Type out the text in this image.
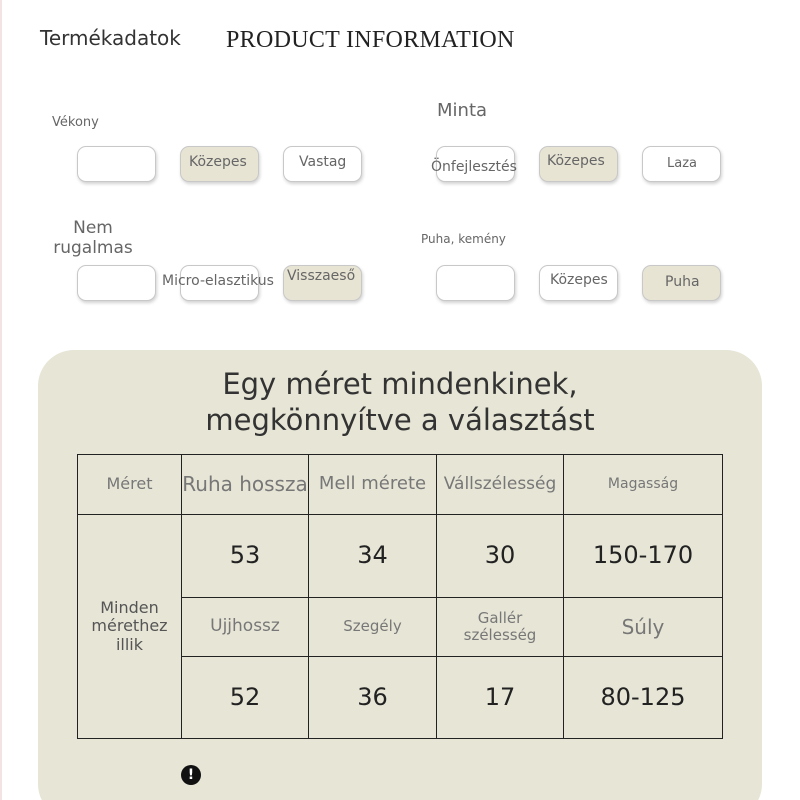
Termékadatok PRODUCT INFORMATION
Vékony
Közepes	Vastag
Minta
Önfejlesztés Közepes	Laza
Nem rugalmas
Micro-elasztikus Visszaeső
Puha, kemény
Közepes	Puha
Egy méret mindenkinek,
megkönnyítve a választást
Méret	Ruha hossza	Mell mérete	Vállszélesség	Magasság
Minden mérethez illik	53	34	30	150-170
	Ujjhossz	Szegély	Gallér szélesség	Súly
	52	36	17	80-125
!
